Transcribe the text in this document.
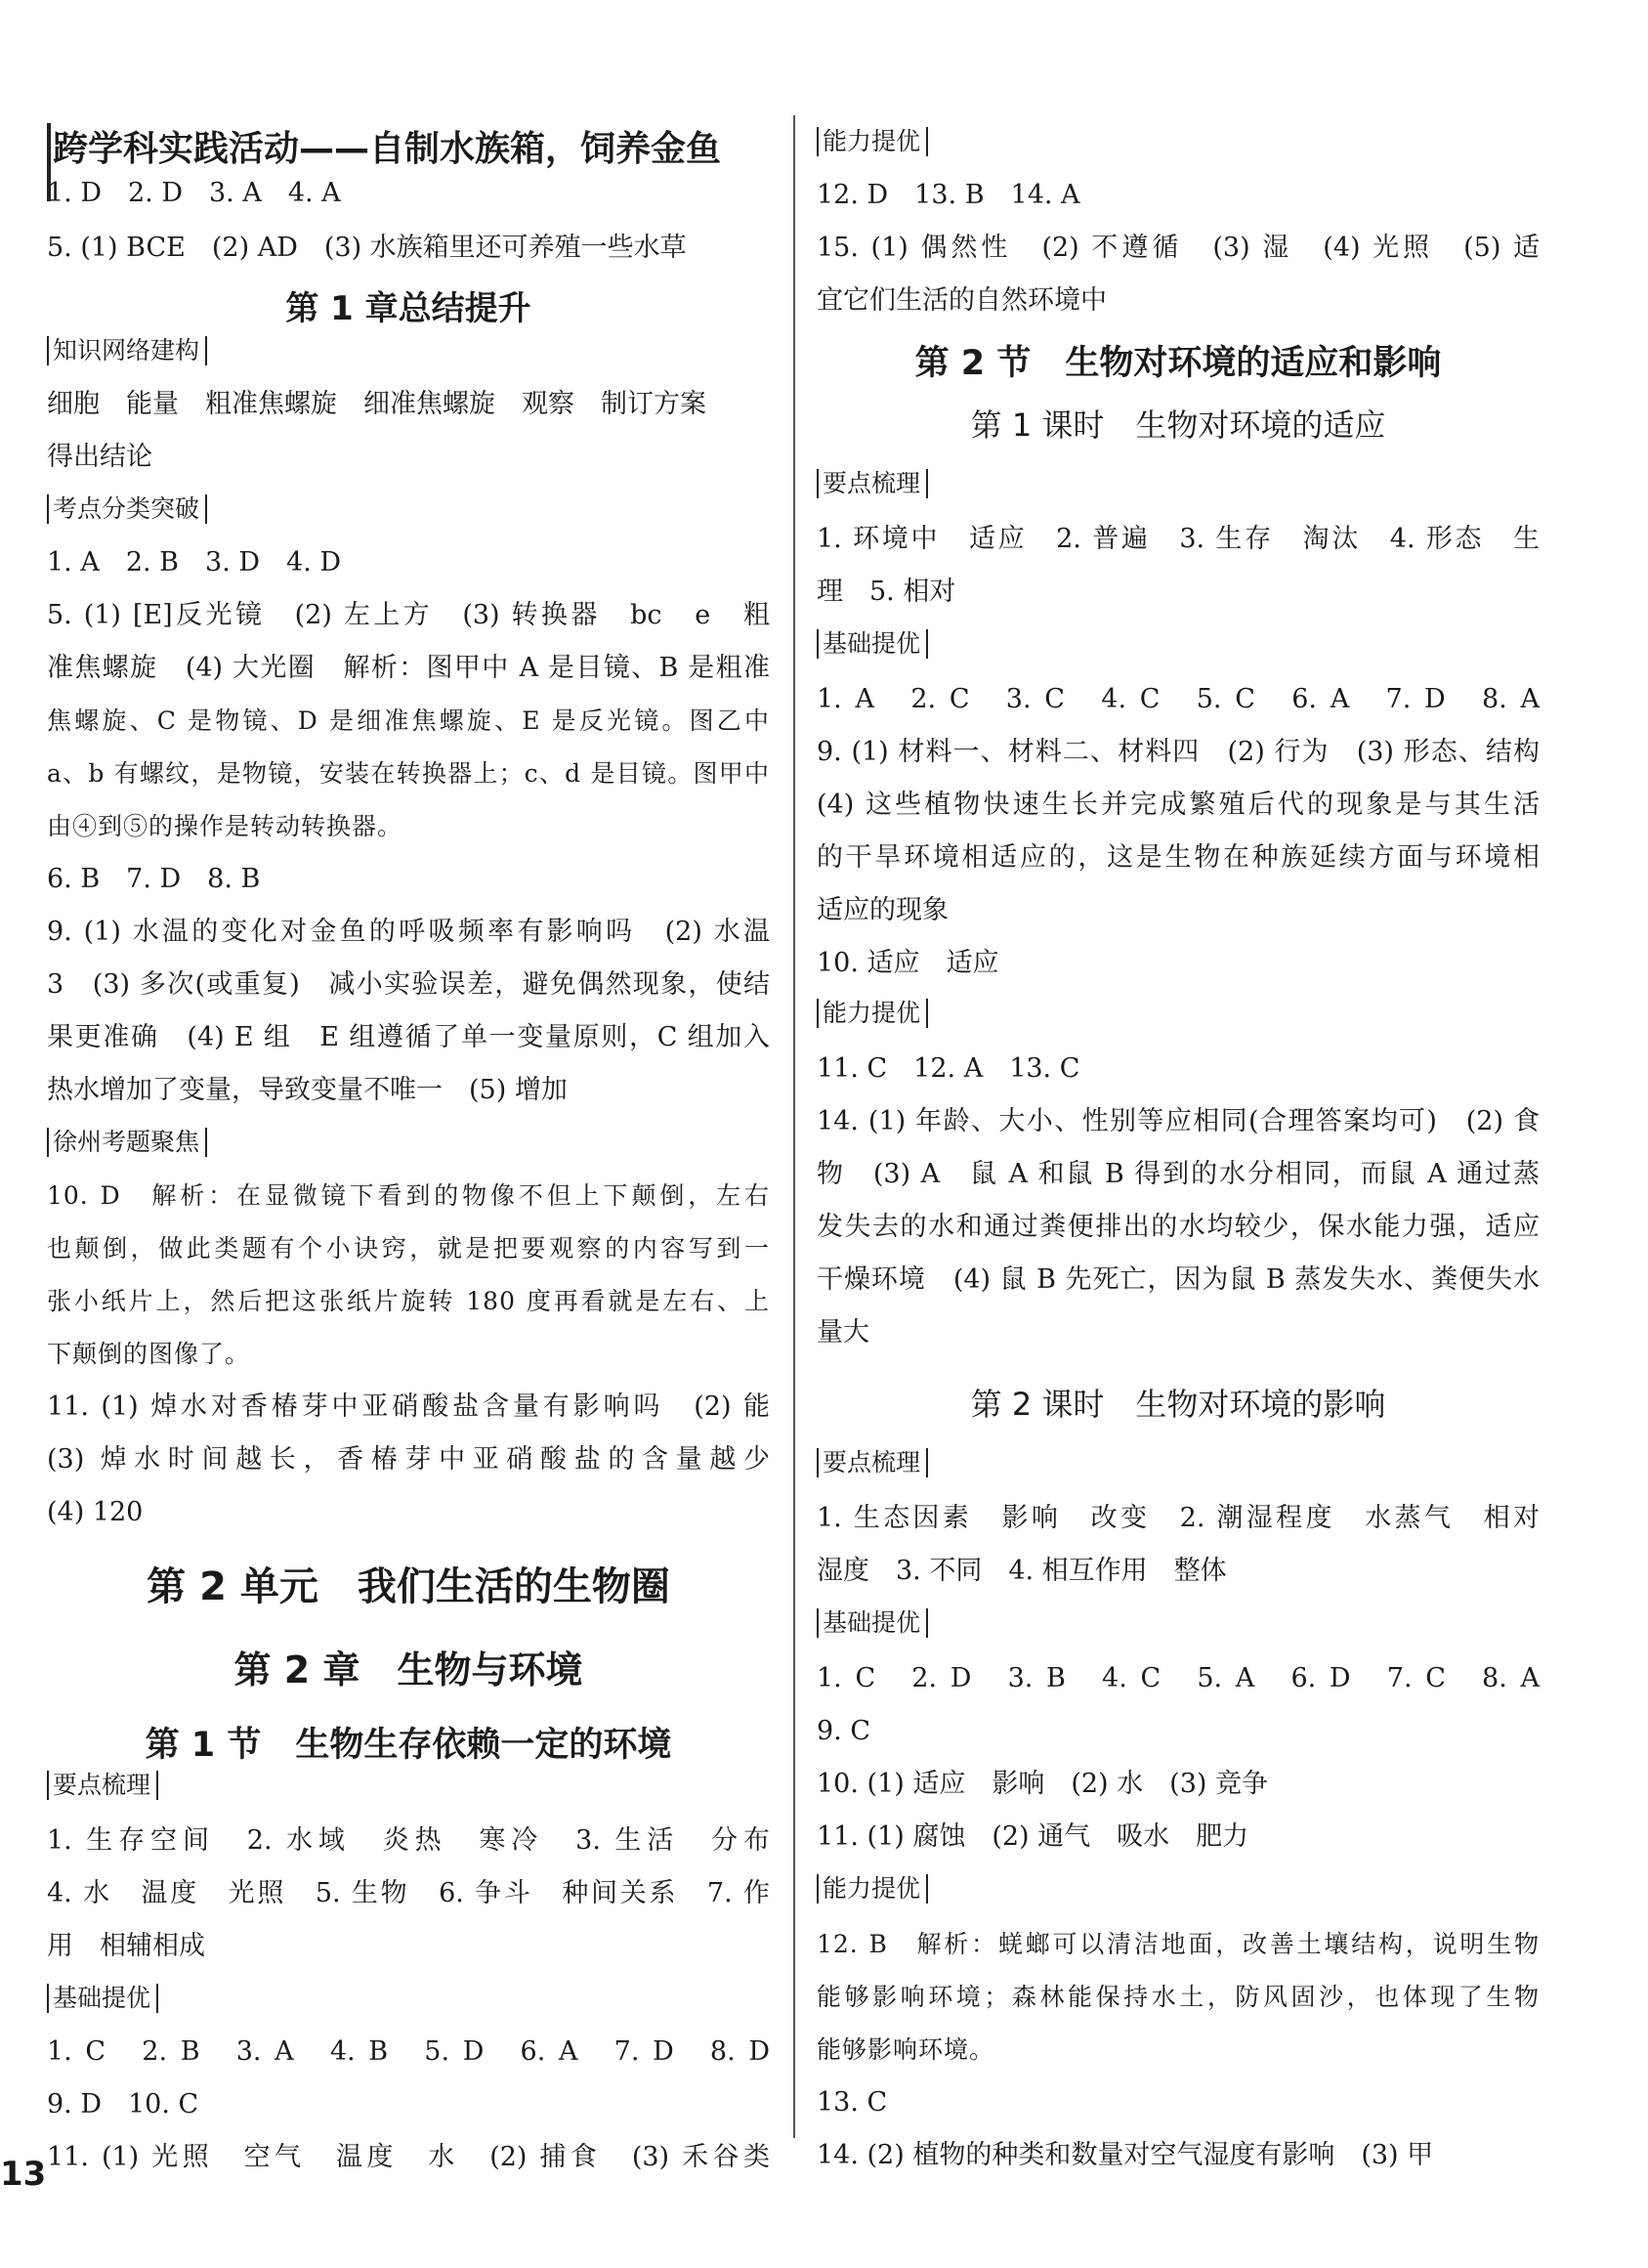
跨学科实践活动——自制水族箱，饲养金鱼
1. D　2. D　3. A　4. A
5. (1) BCE　(2) AD　(3) 水族箱里还可养殖一些水草
第 1 章总结提升
知识网络建构
细胞　能量　粗准焦螺旋　细准焦螺旋　观察　制订方案
得出结论
考点分类突破
1. A　2. B　3. D　4. D
5. (1) [E]反光镜　(2) 左上方　(3) 转换器　bc　e　粗
准焦螺旋　(4) 大光圈　解析：图甲中 A 是目镜、B 是粗准
焦螺旋、C 是物镜、D 是细准焦螺旋、E 是反光镜。图乙中
a、b 有螺纹，是物镜，安装在转换器上；c、d 是目镜。图甲中
由④到⑤的操作是转动转换器。
6. B　7. D　8. B
9. (1) 水温的变化对金鱼的呼吸频率有影响吗　(2) 水温
3　(3) 多次(或重复)　减小实验误差，避免偶然现象，使结
果更准确　(4) E 组　E 组遵循了单一变量原则，C 组加入
热水增加了变量，导致变量不唯一　(5) 增加
徐州考题聚焦
10. D　解析：在显微镜下看到的物像不但上下颠倒，左右
也颠倒，做此类题有个小诀窍，就是把要观察的内容写到一
张小纸片上，然后把这张纸片旋转 180 度再看就是左右、上
下颠倒的图像了。
11. (1) 焯水对香椿芽中亚硝酸盐含量有影响吗　(2) 能
(3) 焯水时间越长，香椿芽中亚硝酸盐的含量越少
(4) 120
第 2 单元　我们生活的生物圈
第 2 章　生物与环境
第 1 节　生物生存依赖一定的环境
要点梳理
1. 生存空间　2. 水域　炎热　寒冷　3. 生活　分布
4. 水　温度　光照　5. 生物　6. 争斗　种间关系　7. 作
用　相辅相成
基础提优
1. C　2. B　3. A　4. B　5. D　6. A　7. D　8. D
9. D　10. C
11. (1) 光照　空气　温度　水　(2) 捕食　(3) 禾谷类
能力提优
12. D　13. B　14. A
15. (1) 偶然性　(2) 不遵循　(3) 湿　(4) 光照　(5) 适
宜它们生活的自然环境中
第 2 节　生物对环境的适应和影响
第 1 课时　生物对环境的适应
要点梳理
1. 环境中　适应　2. 普遍　3. 生存　淘汰　4. 形态　生
理　5. 相对
基础提优
1. A　2. C　3. C　4. C　5. C　6. A　7. D　8. A
9. (1) 材料一、材料二、材料四　(2) 行为　(3) 形态、结构
(4) 这些植物快速生长并完成繁殖后代的现象是与其生活
的干旱环境相适应的，这是生物在种族延续方面与环境相
适应的现象
10. 适应　适应
能力提优
11. C　12. A　13. C
14. (1) 年龄、大小、性别等应相同(合理答案均可)　(2) 食
物　(3) A　鼠 A 和鼠 B 得到的水分相同，而鼠 A 通过蒸
发失去的水和通过粪便排出的水均较少，保水能力强，适应
干燥环境　(4) 鼠 B 先死亡，因为鼠 B 蒸发失水、粪便失水
量大
第 2 课时　生物对环境的影响
要点梳理
1. 生态因素　影响　改变　2. 潮湿程度　水蒸气　相对
湿度　3. 不同　4. 相互作用　整体
基础提优
1. C　2. D　3. B　4. C　5. A　6. D　7. C　8. A
9. C
10. (1) 适应　影响　(2) 水　(3) 竞争
11. (1) 腐蚀　(2) 通气　吸水　肥力
能力提优
12. B　解析：蜣螂可以清洁地面，改善土壤结构，说明生物
能够影响环境；森林能保持水土，防风固沙，也体现了生物
能够影响环境。
13. C
14. (2) 植物的种类和数量对空气湿度有影响　(3) 甲
13
